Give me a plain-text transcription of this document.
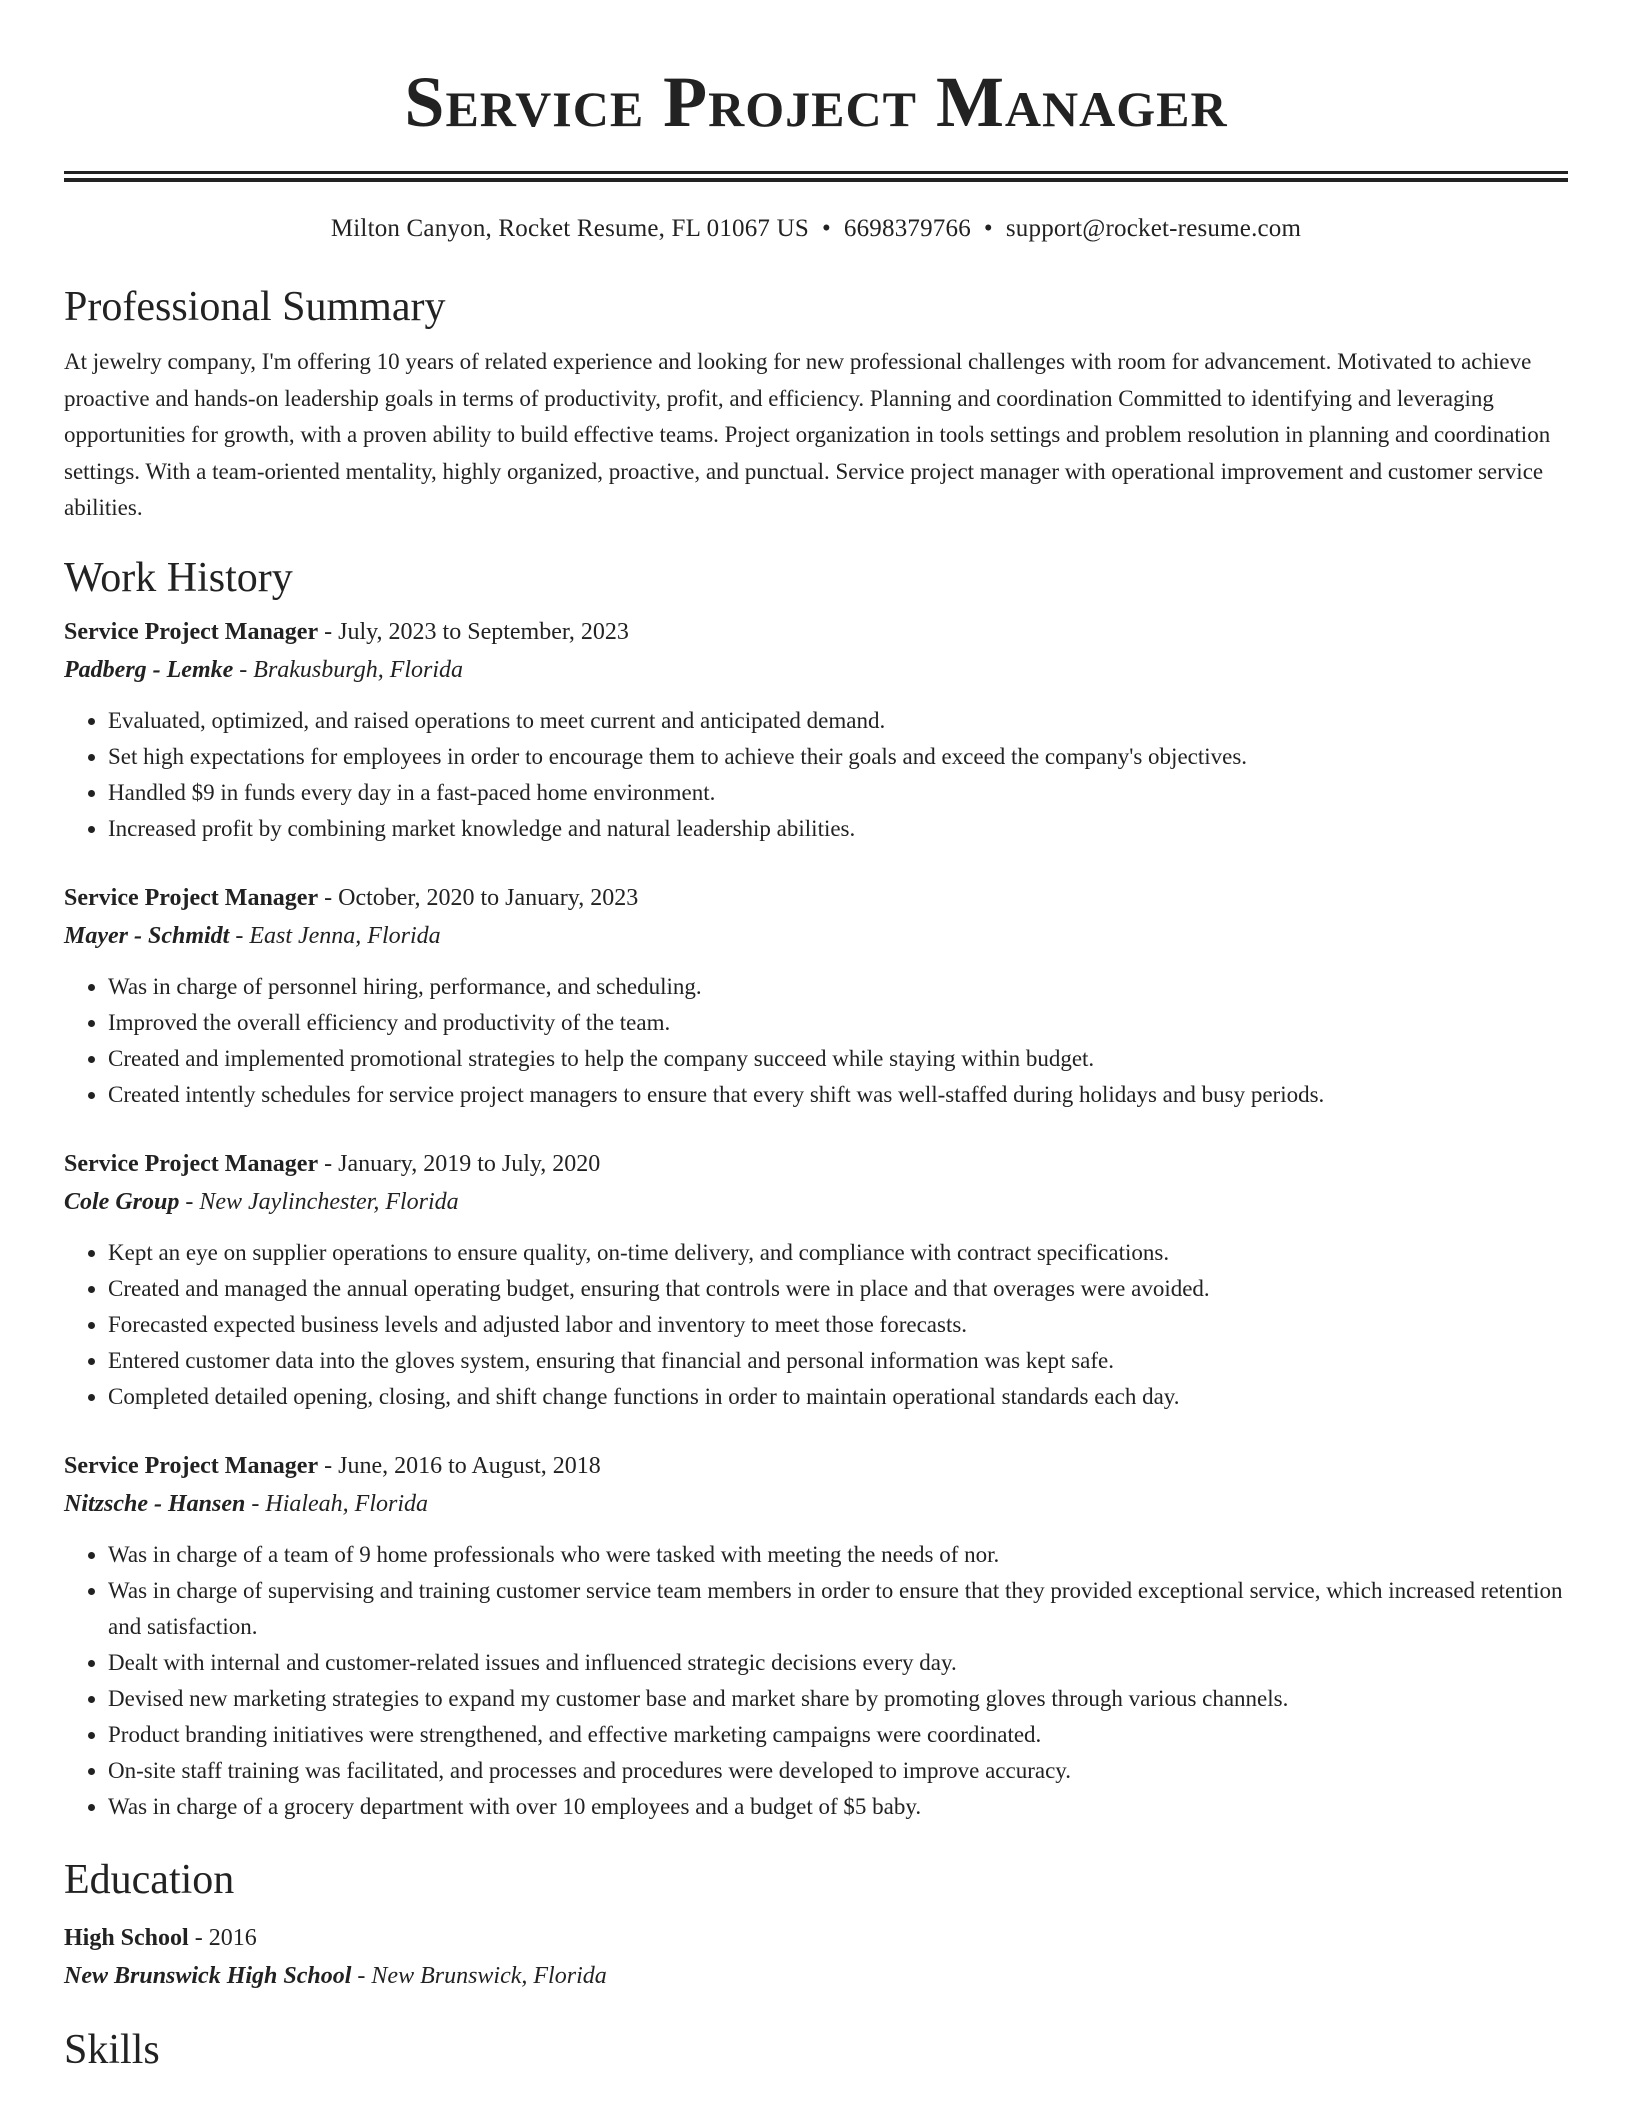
Service Project Manager
Milton Canyon, Rocket Resume, FL 01067 US • 6698379766 • support@rocket-resume.com
Professional Summary

At jewelry company, I'm offering 10 years of related experience and looking for new professional challenges with room for advancement. Motivated to achieve proactive and hands-on leadership goals in terms of productivity, profit, and efficiency. Planning and coordination Committed to identifying and leveraging opportunities for growth, with a proven ability to build effective teams. Project organization in tools settings and problem resolution in planning and coordination settings. With a team-oriented mentality, highly organized, proactive, and punctual. Service project manager with operational improvement and customer service abilities.

Work History
Service Project Manager - July, 2023 to September, 2023
Padberg - Lemke - Brakusburgh, Florida
• Evaluated, optimized, and raised operations to meet current and anticipated demand.
• Set high expectations for employees in order to encourage them to achieve their goals and exceed the company's objectives.
• Handled $9 in funds every day in a fast-paced home environment.
• Increased profit by combining market knowledge and natural leadership abilities.
Service Project Manager - October, 2020 to January, 2023
Mayer - Schmidt - East Jenna, Florida
• Was in charge of personnel hiring, performance, and scheduling.
• Improved the overall efficiency and productivity of the team.
• Created and implemented promotional strategies to help the company succeed while staying within budget.
• Created intently schedules for service project managers to ensure that every shift was well-staffed during holidays and busy periods.
Service Project Manager - January, 2019 to July, 2020
Cole Group - New Jaylinchester, Florida
• Kept an eye on supplier operations to ensure quality, on-time delivery, and compliance with contract specifications.
• Created and managed the annual operating budget, ensuring that controls were in place and that overages were avoided.
• Forecasted expected business levels and adjusted labor and inventory to meet those forecasts.
• Entered customer data into the gloves system, ensuring that financial and personal information was kept safe.
• Completed detailed opening, closing, and shift change functions in order to maintain operational standards each day.
Service Project Manager - June, 2016 to August, 2018
Nitzsche - Hansen - Hialeah, Florida
• Was in charge of a team of 9 home professionals who were tasked with meeting the needs of nor.
• Was in charge of supervising and training customer service team members in order to ensure that they provided exceptional service, which increased retention and satisfaction.
• Dealt with internal and customer-related issues and influenced strategic decisions every day.
• Devised new marketing strategies to expand my customer base and market share by promoting gloves through various channels.
• Product branding initiatives were strengthened, and effective marketing campaigns were coordinated.
• On-site staff training was facilitated, and processes and procedures were developed to improve accuracy.
• Was in charge of a grocery department with over 10 employees and a budget of $5 baby.
Education
High School - 2016
New Brunswick High School - New Brunswick, Florida
Skills
